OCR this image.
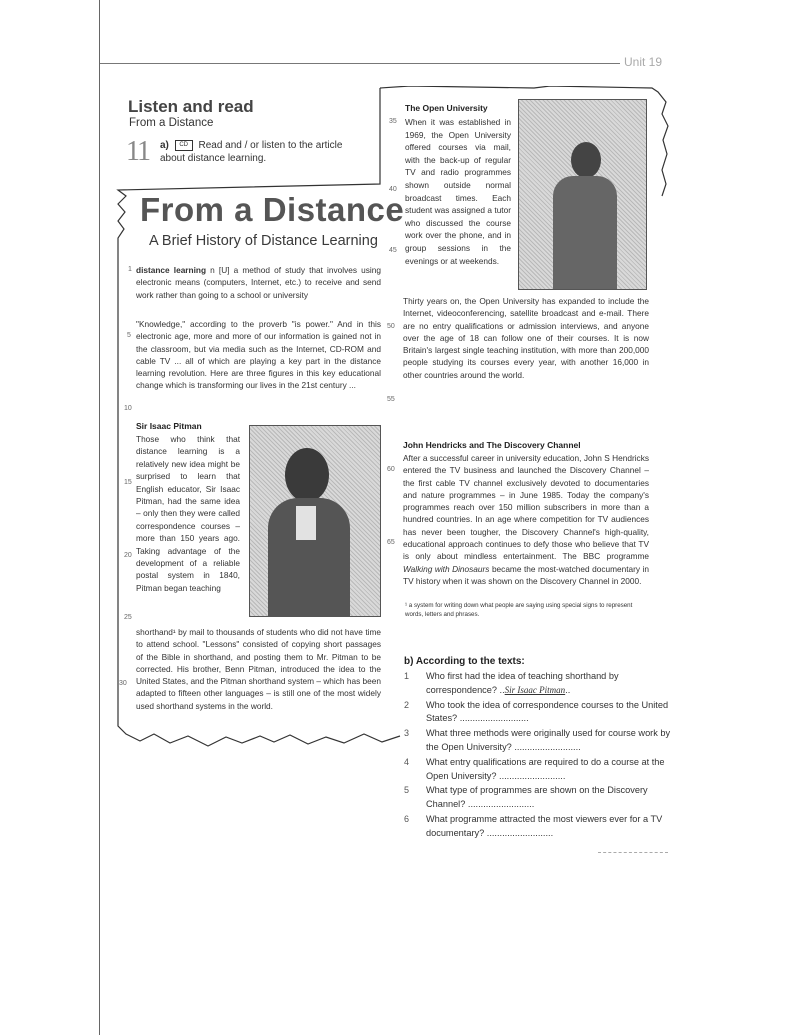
Unit 19
Listen and read
From a Distance
11 a) CD Read and / or listen to the article about distance learning.
From a Distance
A Brief History of Distance Learning
distance learning n [U] a method of study that involves using electronic means (computers, Internet, etc.) to receive and send work rather than going to a school or university
"Knowledge," according to the proverb "is power." And in this electronic age, more and more of our information is gained not in the classroom, but via media such as the Internet, CD-ROM and cable TV ... all of which are playing a key part in the distance learning revolution. Here are three figures in this key educational change which is transforming our lives in the 21st century ...
Sir Isaac Pitman
Those who think that distance learning is a relatively new idea might be surprised to learn that English educator, Sir Isaac Pitman, had the same idea – only then they were called correspondence courses – more than 150 years ago. Taking advantage of the development of a reliable postal system in 1840, Pitman began teaching
shorthand¹ by mail to thousands of students who did not have time to attend school. "Lessons" consisted of copying short passages of the Bible in shorthand, and posting them to Mr. Pitman to be corrected. His brother, Benn Pitman, introduced the idea to the United States, and the Pitman shorthand system – which has been adapted to fifteen other languages – is still one of the most widely used shorthand systems in the world.
The Open University
When it was established in 1969, the Open University offered courses via mail, with the back-up of regular TV and radio programmes shown outside normal broadcast times. Each student was assigned a tutor who discussed the course work over the phone, and in group sessions in the evenings or at weekends.
Thirty years on, the Open University has expanded to include the Internet, videoconferencing, satellite broadcast and e-mail. There are no entry qualifications or admission interviews, and anyone over the age of 18 can follow one of their courses. It is now Britain's largest single teaching institution, with more than 200,000 people studying its courses every year, with another 16,000 in other countries around the world.
John Hendricks and The Discovery Channel
After a successful career in university education, John S Hendricks entered the TV business and launched the Discovery Channel – the first cable TV channel exclusively devoted to documentaries and nature programmes – in June 1985. Today the company's programmes reach over 150 million subscribers in more than a hundred countries. In an age where competition for TV audiences has never been tougher, the Discovery Channel's high-quality, educational approach continues to defy those who believe that TV is only about mindless entertainment. The BBC programme Walking with Dinosaurs became the most-watched documentary in TV history when it was shown on the Discovery Channel in 2000.
¹ a system for writing down what people are saying using special signs to represent words, letters and phrases.
1
5
10
15
20
25
30
35
40
45
50
55
60
65
b) According to the texts:
1 Who first had the idea of teaching shorthand by correspondence? ..Sir Isaac Pitman..
2 Who took the idea of correspondence courses to the United States? ...........................
3 What three methods were originally used for course work by the Open University? ..........................
4 What entry qualifications are required to do a course at the Open University? ..........................
5 What type of programmes are shown on the Discovery Channel? ..........................
6 What programme attracted the most viewers ever for a TV documentary? ..........................
